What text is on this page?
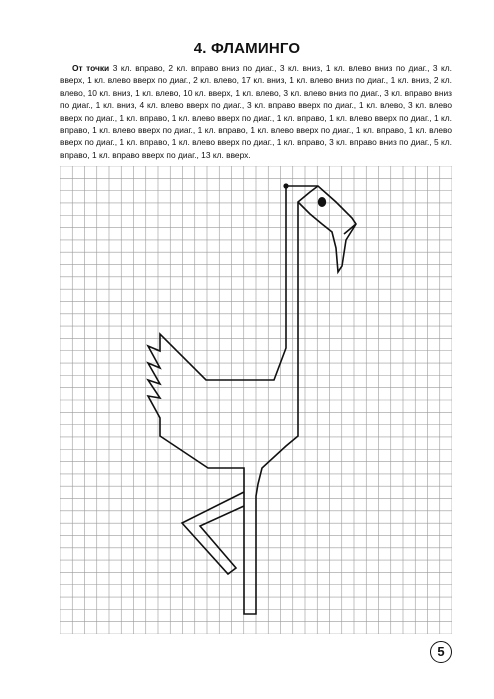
4. ФЛАМИНГО

От точки 3 кл. вправо, 2 кл. вправо вниз по диаг., 3 кл. вниз, 1 кл. влево вниз по диаг., 3 кл. вверх, 1 кл. влево вверх по диаг., 2 кл. влево, 17 кл. вниз, 1 кл. влево вниз по диаг., 1 кл. вниз, 2 кл. влево, 10 кл. вниз, 1 кл. влево, 10 кл. вверх, 1 кл. влево, 3 кл. влево вниз по диаг., 3 кл. вправо вниз по диаг., 1 кл. вниз, 4 кл. влево вверх по диаг., 3 кл. вправо вверх по диаг., 1 кл. влево, 3 кл. влево вверх по диаг., 1 кл. вправо, 1 кл. влево вверх по диаг., 1 кл. вправо, 1 кл. влево вверх по диаг., 1 кл. вправо, 1 кл. влево вверх по диаг., 1 кл. вправо, 1 кл. влево вверх по диаг., 1 кл. вправо, 1 кл. влево вверх по диаг., 1 кл. вправо, 1 кл. влево вверх по диаг., 1 кл. вправо, 3 кл. вправо вниз по диаг., 5 кл. вправо, 1 кл. вправо вверх по диаг., 13 кл. вверх.

5
